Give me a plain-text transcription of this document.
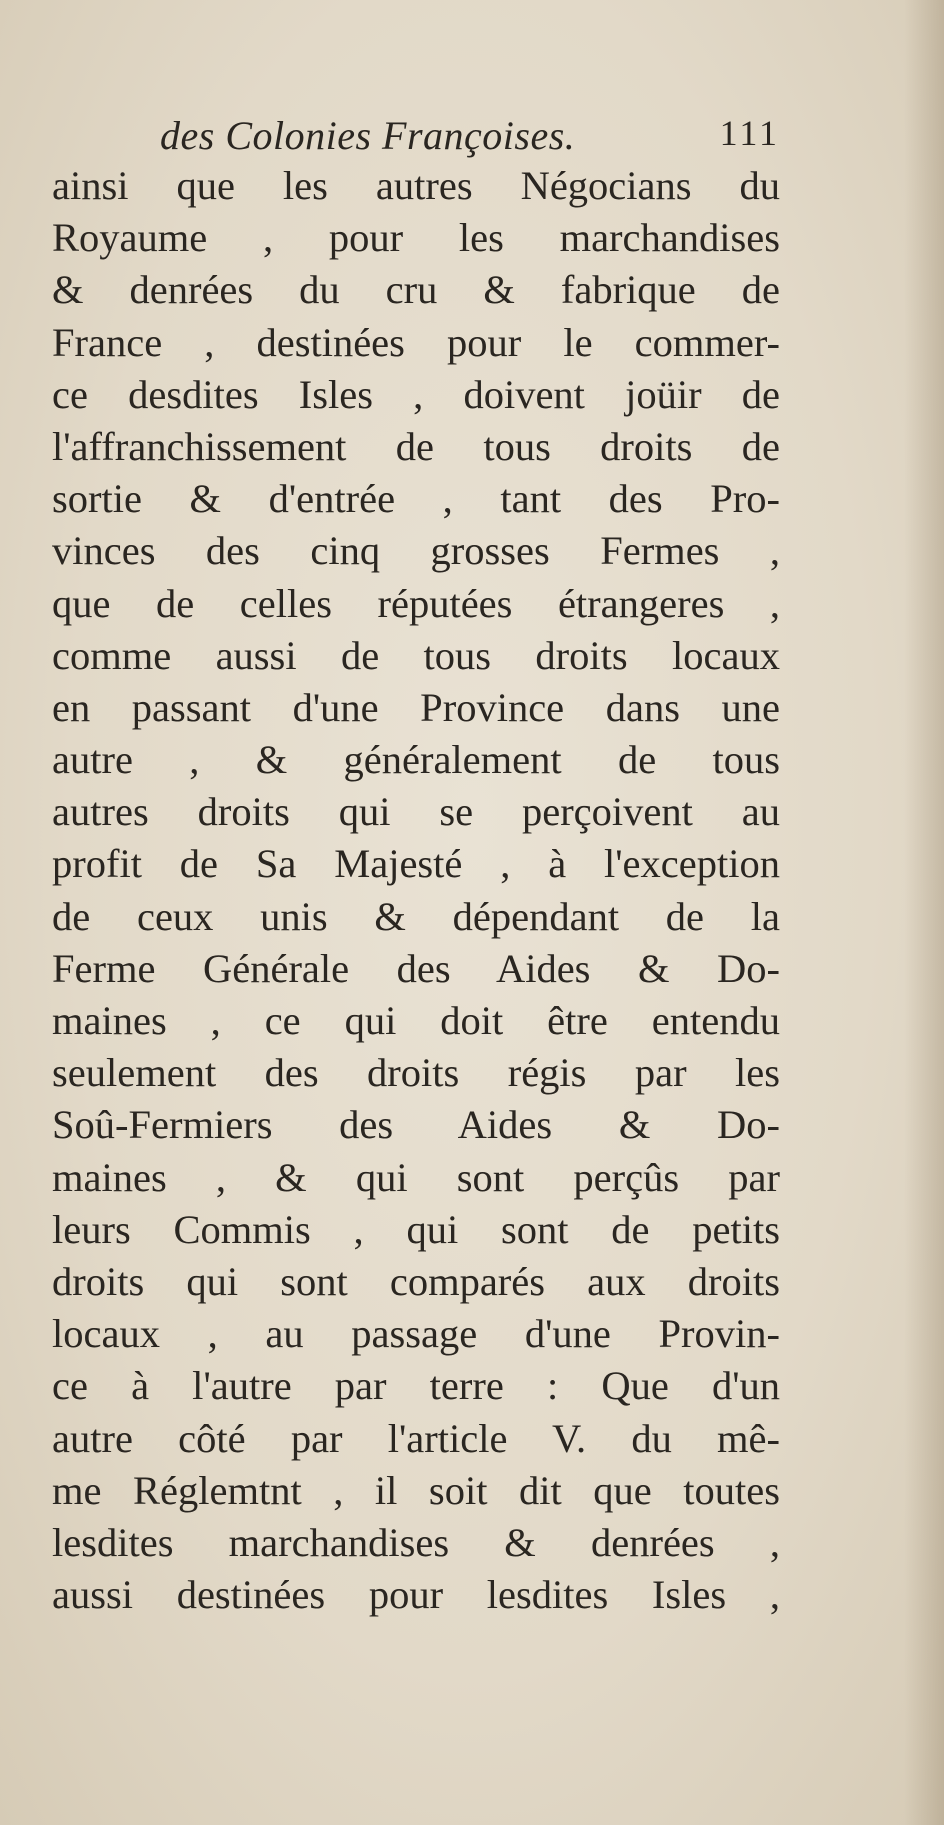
des Colonies Françoises.	111
ainsi que les autres Négocians du
Royaume , pour les marchandises
& denrées du cru & fabrique de
France , destinées pour le commer-
ce desdites Isles , doivent joüir de
l'affranchissement de tous droits de
sortie & d'entrée , tant des Pro-
vinces des cinq grosses Fermes ,
que de celles réputées étrangeres ,
comme aussi de tous droits locaux
en passant d'une Province dans une
autre , & généralement de tous
autres droits qui se perçoivent au
profit de Sa Majesté , à l'exception
de ceux unis & dépendant de la
Ferme Générale des Aides & Do-
maines , ce qui doit être entendu
seulement des droits régis par les
Soû-Fermiers des Aides & Do-
maines , & qui sont perçûs par
leurs Commis , qui sont de petits
droits qui sont comparés aux droits
locaux , au passage d'une Provin-
ce à l'autre par terre : Que d'un
autre côté par l'article V. du mê-
me Réglemtnt , il soit dit que toutes
lesdites marchandises & denrées ,
aussi destinées pour lesdites Isles ,
